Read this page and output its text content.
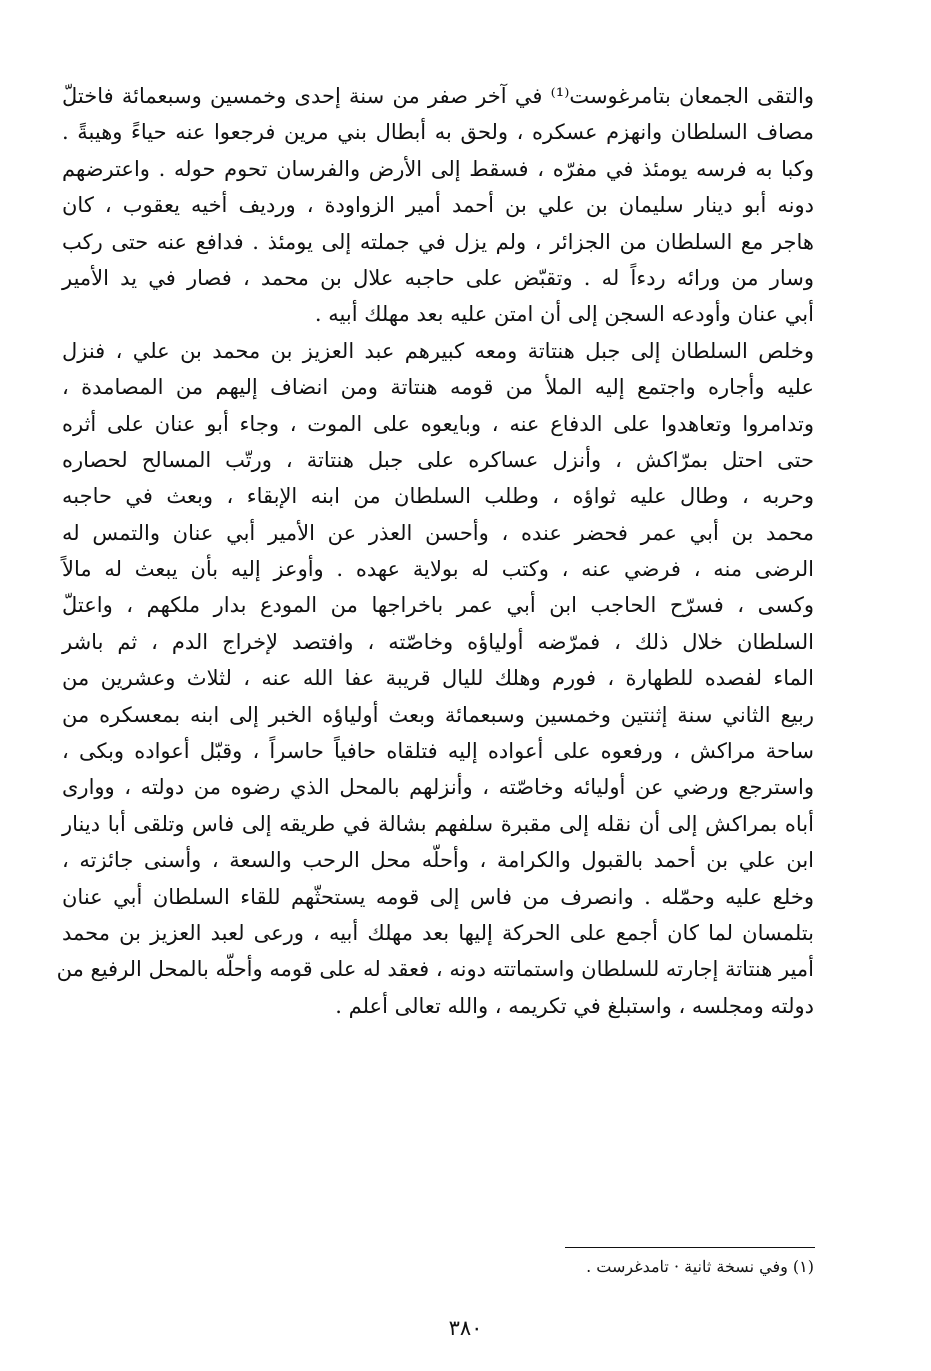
والتقى الجمعان بتامرغوست⁽¹⁾ في آخر صفر من سنة إحدى وخمسين وسبعمائة فاختلّ
مصاف السلطان وانهزم عسكره ، ولحق به أبطال بني مرين فرجعوا عنه حياءً وهيبةً .
وكبا به فرسه يومئذ في مفرّه ، فسقط إلى الأرض والفرسان تحوم حوله . واعترضهم
دونه أبو دينار سليمان بن علي بن أحمد أمير الزواودة ، ورديف أخيه يعقوب ، كان
هاجر مع السلطان من الجزائر ، ولم يزل في جملته إلى يومئذ . فدافع عنه حتى ركب
وسار من ورائه ردءاً له . وتقبّض على حاجبه علال بن محمد ، فصار في يد الأمير
أبي عنان وأودعه السجن إلى أن امتن عليه بعد مهلك أبيه .
وخلص السلطان إلى جبل هنتاتة ومعه كبيرهم عبد العزيز بن محمد بن علي ، فنزل
عليه وأجاره واجتمع إليه الملأ من قومه هنتاتة ومن انضاف إليهم من المصامدة ،
وتدامروا وتعاهدوا على الدفاع عنه ، وبايعوه على الموت ، وجاء أبو عنان على أثره
حتى احتل بمرّاكش ، وأنزل عساكره على جبل هنتاتة ، ورتّب المسالح لحصاره
وحربه ، وطال عليه ثواؤه ، وطلب السلطان من ابنه الإبقاء ، وبعث في حاجبه
محمد بن أبي عمر فحضر عنده ، وأحسن العذر عن الأمير أبي عنان والتمس له
الرضى منه ، فرضي عنه ، وكتب له بولاية عهده . وأوعز إليه بأن يبعث له مالاً
وكسى ، فسرّح الحاجب ابن أبي عمر باخراجها من المودع بدار ملكهم ، واعتلّ
السلطان خلال ذلك ، فمرّضه أولياؤه وخاصّته ، وافتصد لإخراج الدم ، ثم باشر
الماء لفصده للطهارة ، فورم وهلك لليال قريبة عفا الله عنه ، لثلاث وعشرين من
ربيع الثاني سنة إثنتين وخمسين وسبعمائة وبعث أولياؤه الخبر إلى ابنه بمعسكره من
ساحة مراكش ، ورفعوه على أعواده إليه فتلقاه حافياً حاسراً ، وقبّل أعواده وبكى ،
واسترجع ورضي عن أوليائه وخاصّته ، وأنزلهم بالمحل الذي رضوه من دولته ، ووارى
أباه بمراكش إلى أن نقله إلى مقبرة سلفهم بشالة في طريقه إلى فاس وتلقى أبا دينار
ابن علي بن أحمد بالقبول والكرامة ، وأحلّه محل الرحب والسعة ، وأسنى جائزته ،
وخلع عليه وحمّله . وانصرف من فاس إلى قومه يستحثّهم للقاء السلطان أبي عنان
بتلمسان لما كان أجمع على الحركة إليها بعد مهلك أبيه ، ورعى لعبد العزيز بن محمد
أمير هنتاتة إجارته للسلطان واستماتته دونه ، فعقد له على قومه وأحلّه بالمحل الرفيع من
دولته ومجلسه ، واستبلغ في تكريمه ، والله تعالى أعلم .
(١) وفي نسخة ثانية · تامدغرست .
٣٨٠
